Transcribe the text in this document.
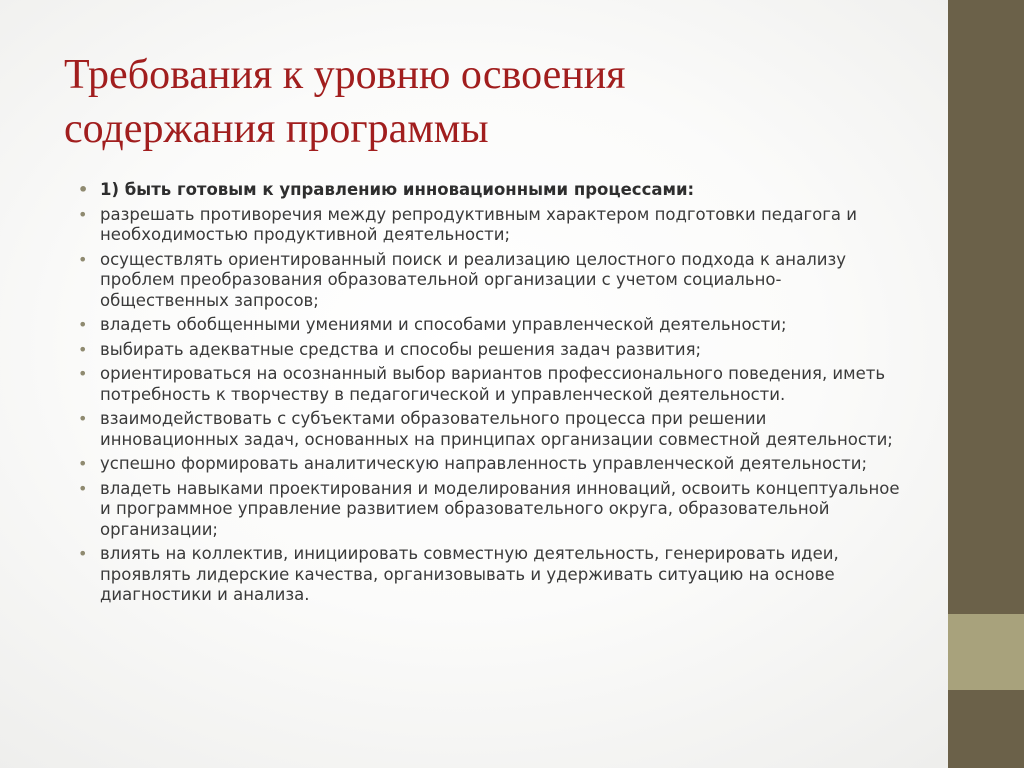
Требования к уровню освоения
содержания программы
• 1) быть готовым к управлению инновационными процессами:
• разрешать противоречия между репродуктивным характером подготовки педагога и необходимостью продуктивной деятельности;
• осуществлять ориентированный поиск и реализацию целостного подхода к анализу проблем преобразования образовательной организации с учетом социально-общественных запросов;
• владеть обобщенными умениями и способами управленческой деятельности;
• выбирать адекватные средства и способы решения задач развития;
• ориентироваться на осознанный выбор вариантов профессионального поведения, иметь потребность к творчеству в педагогической и управленческой деятельности.
• взаимодействовать с субъектами образовательного процесса при решении инновационных задач, основанных на принципах организации совместной деятельности;
• успешно формировать аналитическую направленность управленческой деятельности;
• владеть навыками проектирования и моделирования инноваций, освоить концептуальное и программное управление развитием образовательного округа, образовательной организации;
• влиять на коллектив, инициировать совместную деятельность, генерировать идеи, проявлять лидерские качества, организовывать и удерживать ситуацию на основе диагностики и анализа.
